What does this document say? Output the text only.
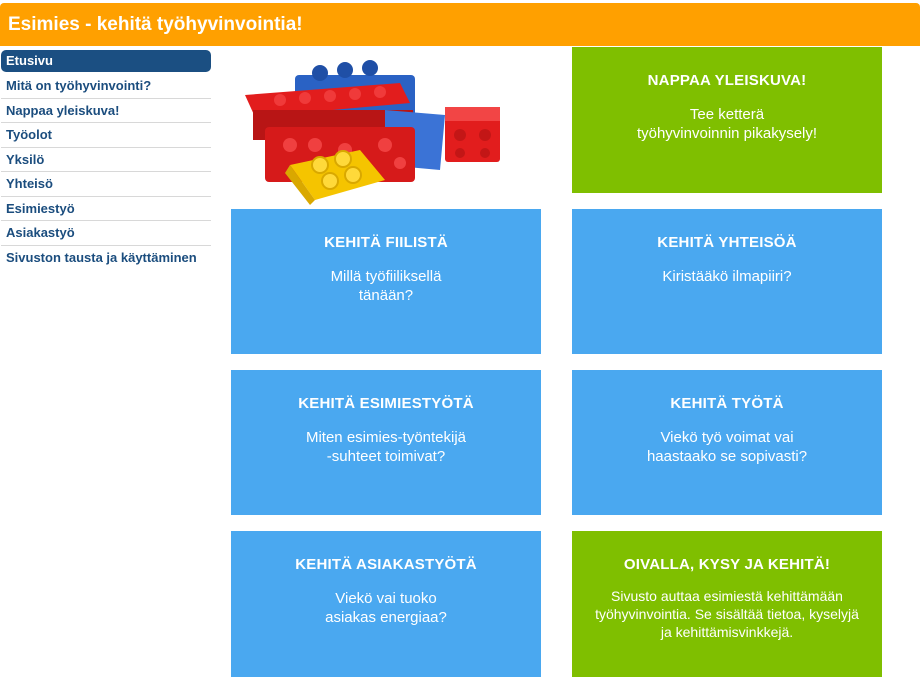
Esimies - kehitä työhyvinvointia!
Etusivu
Mitä on työhyvinvointi?
Nappaa yleiskuva!
Työolot
Yksilö
Yhteisö
Esimiestyö
Asiakastyö
Sivuston tausta ja käyttäminen
NAPPAA YLEISKUVA!
Tee ketterä
työhyvinvoinnin pikakysely!
KEHITÄ FIILISTÄ
Millä työfiiliksellä
tänään?
KEHITÄ YHTEISÖÄ
Kiristääkö ilmapiiri?
KEHITÄ ESIMIESTYÖTÄ
Miten esimies-työntekijä
-suhteet toimivat?
KEHITÄ TYÖTÄ
Viekö työ voimat vai
haastaako se sopivasti?
KEHITÄ ASIAKASTYÖTÄ
Viekö vai tuoko
asiakas energiaa?
OIVALLA, KYSY JA KEHITÄ!
Sivusto auttaa esimiestä kehittämään
työhyvinvointia. Se sisältää tietoa, kyselyjä
ja kehittämisvinkkejä.
